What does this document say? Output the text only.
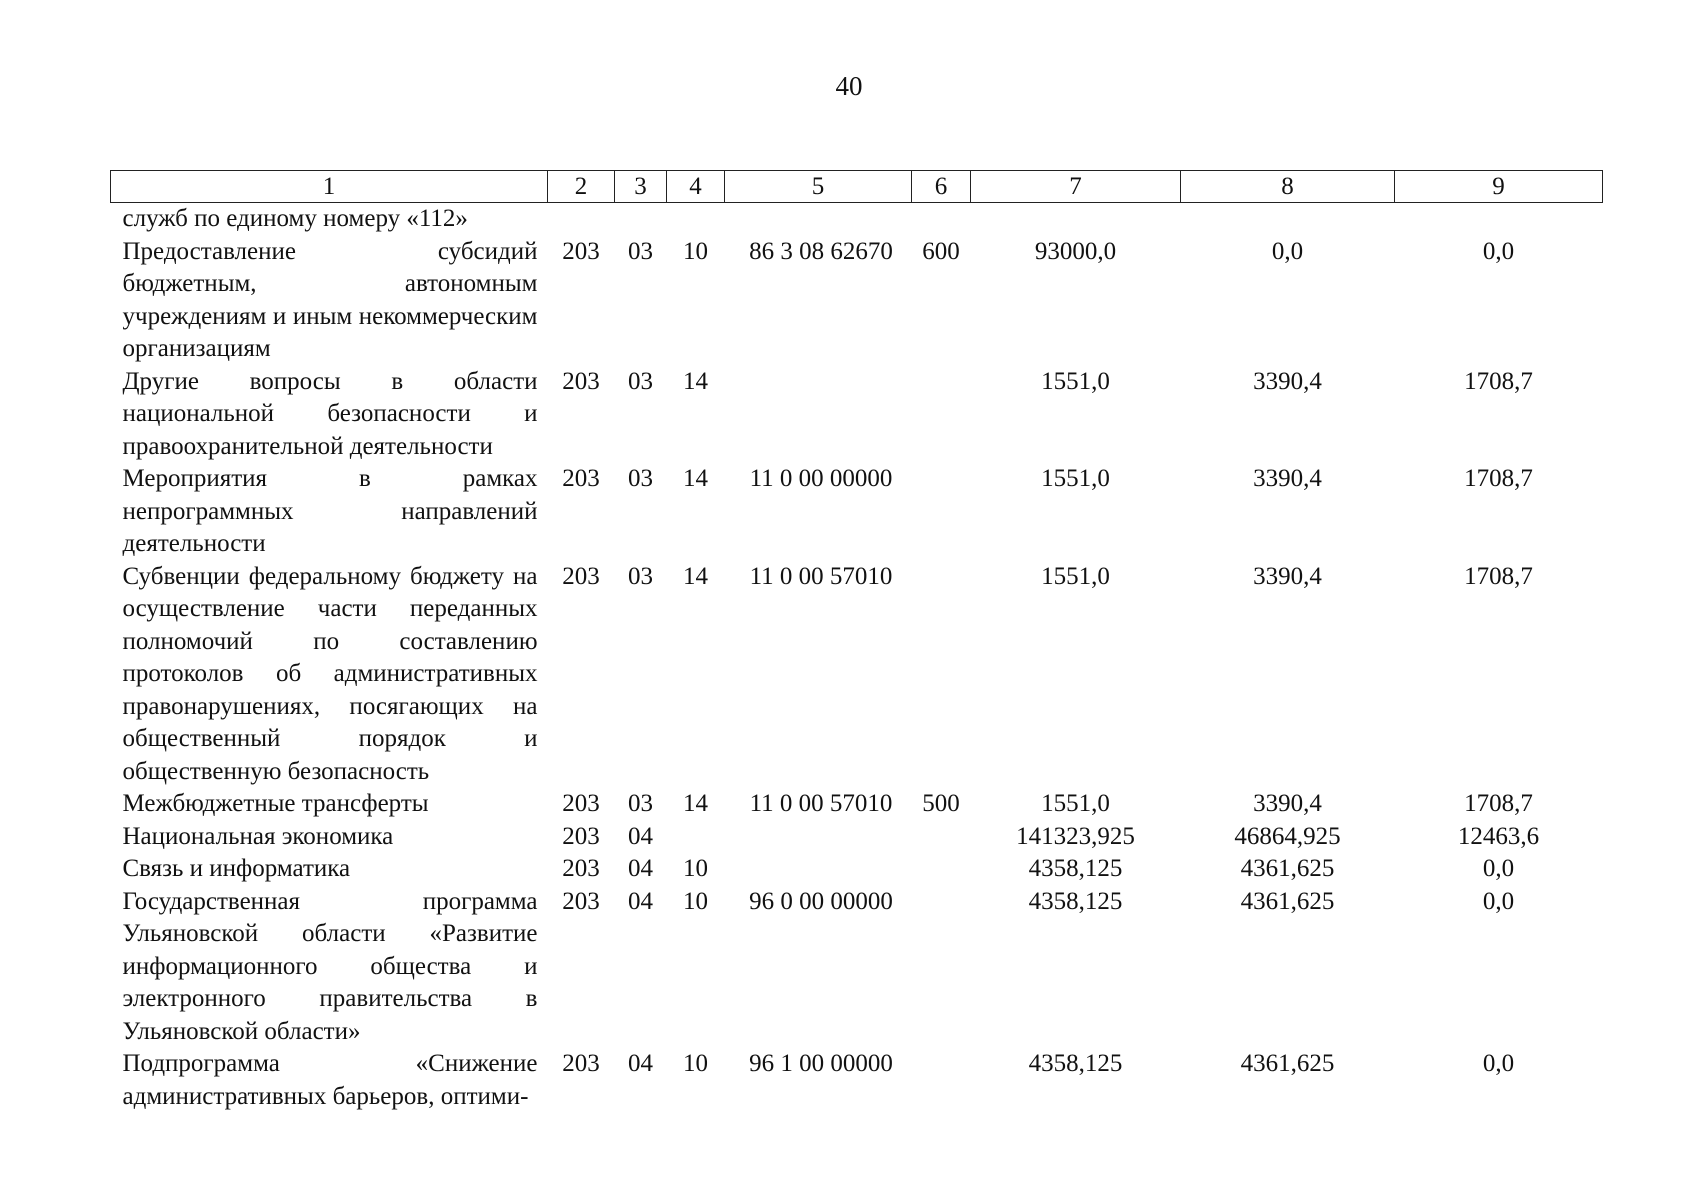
40
1	2	3	4	5	6	7	8	9
служб по единому номеру «112»								
Предоставление субсидий бюджетным, автономным учреждениям и иным некоммерческим организациям	203	03	10	86 3 08 62670	600	93000,0	0,0	0,0
Другие вопросы в области национальной безопасности и правоохранительной деятельности	203	03	14			1551,0	3390,4	1708,7
Мероприятия в рамках непрограммных направлений деятельности	203	03	14	11 0 00 00000		1551,0	3390,4	1708,7
Субвенции федеральному бюджету на осуществление части переданных полномочий по составлению протоколов об административных правонарушениях, посягающих на общественный порядок и общественную безопасность	203	03	14	11 0 00 57010		1551,0	3390,4	1708,7
Межбюджетные трансферты	203	03	14	11 0 00 57010	500	1551,0	3390,4	1708,7
Национальная экономика	203	04				141323,925	46864,925	12463,6
Связь и информатика	203	04	10			4358,125	4361,625	0,0
Государственная программа Ульяновской области «Развитие информационного общества и электронного правительства в Ульяновской области»	203	04	10	96 0 00 00000		4358,125	4361,625	0,0
Подпрограмма «Снижение административных барьеров, оптими-	203	04	10	96 1 00 00000		4358,125	4361,625	0,0
